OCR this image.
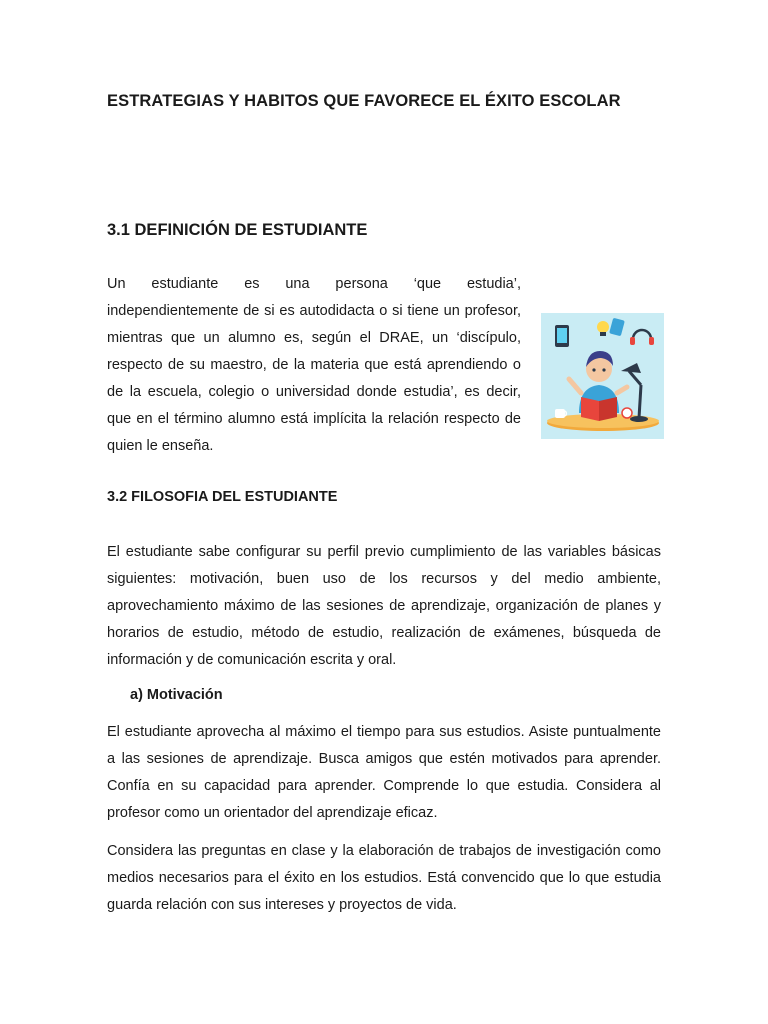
ESTRATEGIAS Y HABITOS QUE FAVORECE EL ÉXITO ESCOLAR
3.1 DEFINICIÓN DE ESTUDIANTE

Un estudiante es una persona ‘que estudia’, independientemente de si es autodidacta o si tiene un profesor, mientras que un alumno es, según el DRAE, un ‘discípulo, respecto de su maestro, de la materia que está aprendiendo o de la escuela, colegio o universidad donde estudia’, es decir, que en el término alumno está implícita la relación respecto de quien le enseña.

3.2 FILOSOFIA DEL ESTUDIANTE

El estudiante sabe configurar su perfil previo cumplimiento de las variables básicas siguientes: motivación, buen uso de los recursos y del medio ambiente, aprovechamiento máximo de las sesiones de aprendizaje, organización de planes y horarios de estudio, método de estudio, realización de exámenes, búsqueda de información y de comunicación escrita y oral.

a) Motivación

El estudiante aprovecha al máximo el tiempo para sus estudios. Asiste puntualmente a las sesiones de aprendizaje. Busca amigos que estén motivados para aprender. Confía en su capacidad para aprender. Comprende lo que estudia. Considera al profesor como un orientador del aprendizaje eficaz.

Considera las preguntas en clase y la elaboración de trabajos de investigación como medios necesarios para el éxito en los estudios. Está convencido que lo que estudia guarda relación con sus intereses y proyectos de vida.
